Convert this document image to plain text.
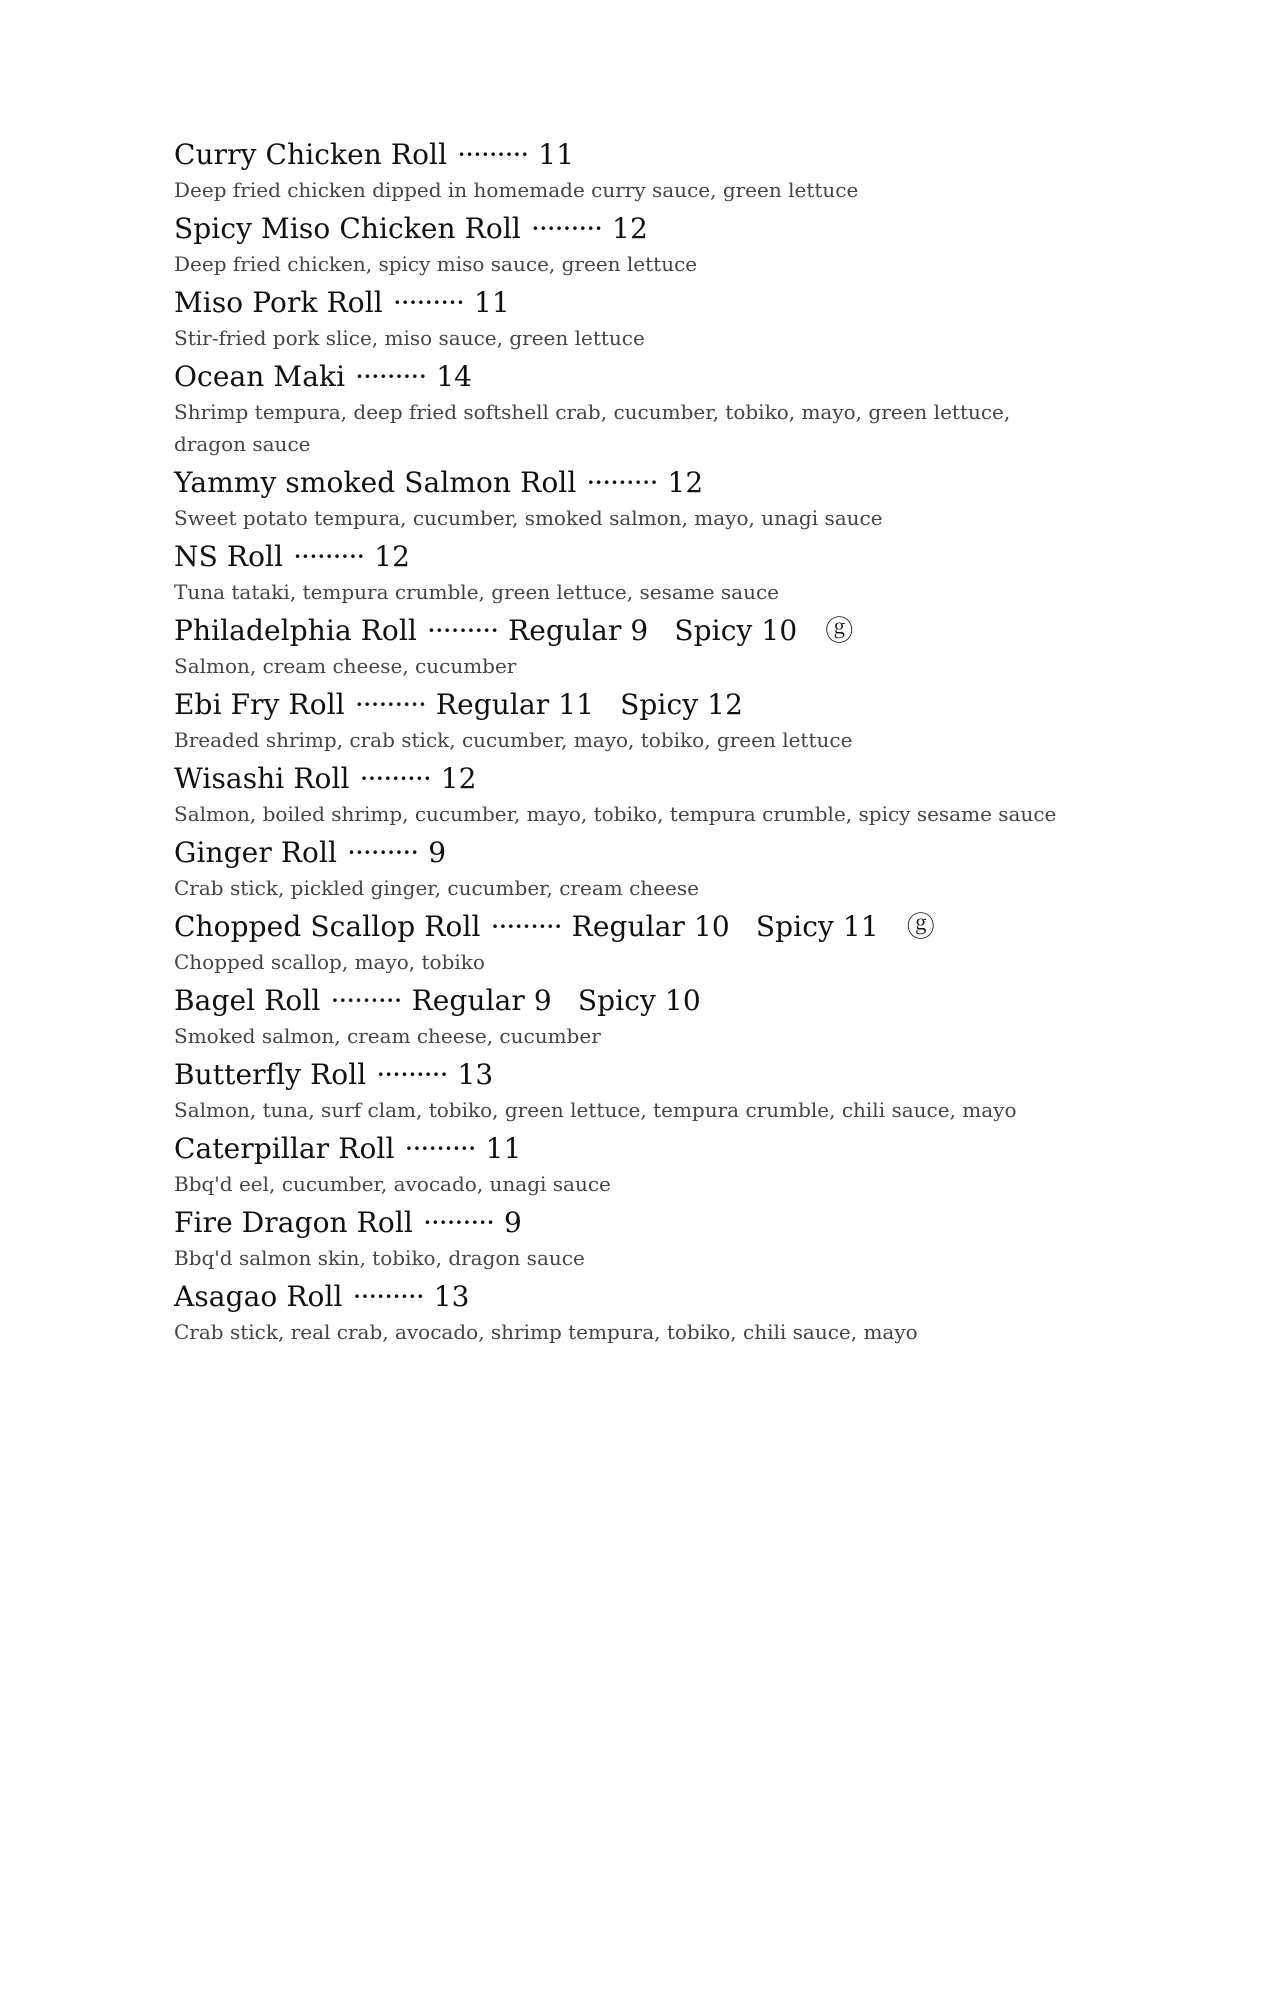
Curry Chicken Roll ········· 11
Deep fried chicken dipped in homemade curry sauce, green lettuce
Spicy Miso Chicken Roll ········· 12
Deep fried chicken, spicy miso sauce, green lettuce
Miso Pork Roll ········· 11
Stir-fried pork slice, miso sauce, green lettuce
Ocean Maki ········· 14
Shrimp tempura, deep fried softshell crab, cucumber, tobiko, mayo, green lettuce, dragon sauce
Yammy smoked Salmon Roll ········· 12
Sweet potato tempura, cucumber, smoked salmon, mayo, unagi sauce
NS Roll ········· 12
Tuna tataki, tempura crumble, green lettuce, sesame sauce
Philadelphia Roll ········· Regular 9 Spicy 10 ⓖ
Salmon, cream cheese, cucumber
Ebi Fry Roll ········· Regular 11 Spicy 12
Breaded shrimp, crab stick, cucumber, mayo, tobiko, green lettuce
Wisashi Roll ········· 12
Salmon, boiled shrimp, cucumber, mayo, tobiko, tempura crumble, spicy sesame sauce
Ginger Roll ········· 9
Crab stick, pickled ginger, cucumber, cream cheese
Chopped Scallop Roll ········· Regular 10 Spicy 11 ⓖ
Chopped scallop, mayo, tobiko
Bagel Roll ········· Regular 9 Spicy 10
Smoked salmon, cream cheese, cucumber
Butterfly Roll ········· 13
Salmon, tuna, surf clam, tobiko, green lettuce, tempura crumble, chili sauce, mayo
Caterpillar Roll ········· 11
Bbq'd eel, cucumber, avocado, unagi sauce
Fire Dragon Roll ········· 9
Bbq'd salmon skin, tobiko, dragon sauce
Asagao Roll ········· 13
Crab stick, real crab, avocado, shrimp tempura, tobiko, chili sauce, mayo
